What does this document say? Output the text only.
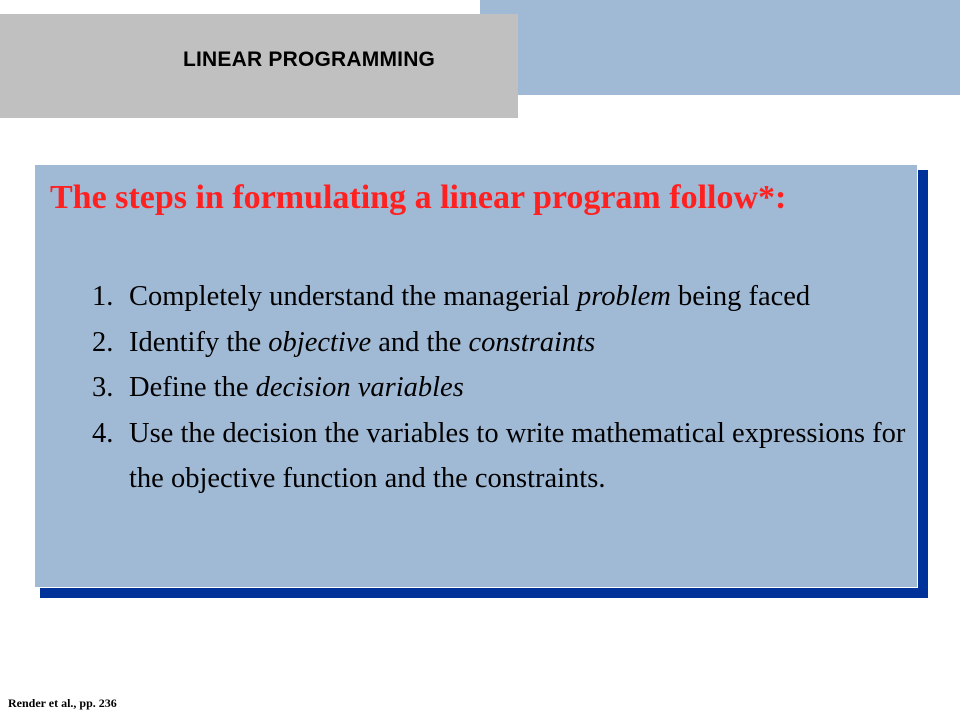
LINEAR PROGRAMMING

The steps in formulating a linear program follow*:

1. Completely understand the managerial problem being faced
2. Identify the objective and the constraints
3. Define the decision variables
4. Use the decision the variables to write mathematical expressions for the objective function and the constraints.
Render et al., pp. 236
